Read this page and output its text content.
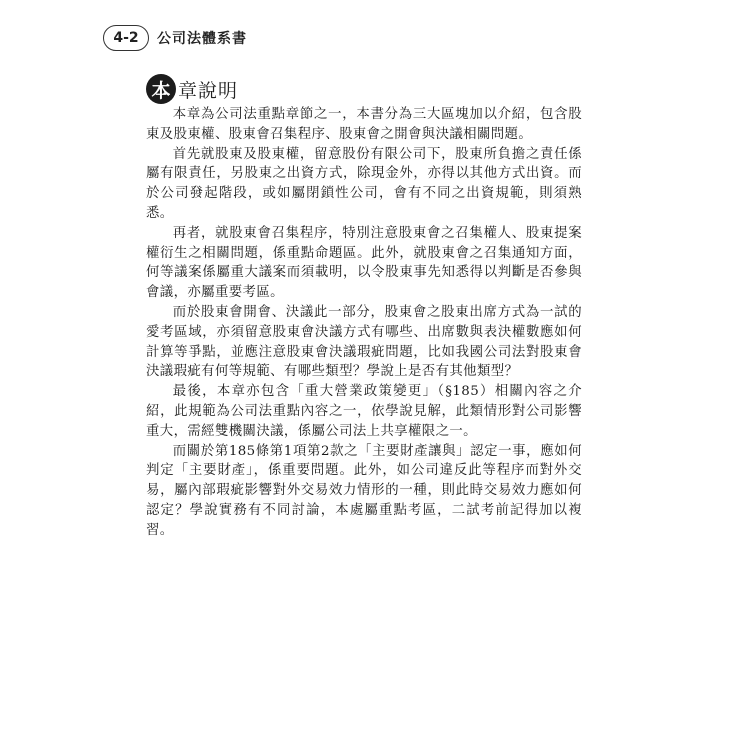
4-2	公司法體系書
本 章說明

本章為公司法重點章節之一，本書分為三大區塊加以介紹，包含股東及股東權、股東會召集程序、股東會之開會與決議相關問題。

首先就股東及股東權，留意股份有限公司下，股東所負擔之責任係屬有限責任，另股東之出資方式，除現金外，亦得以其他方式出資。而於公司發起階段，或如屬閉鎖性公司，會有不同之出資規範，則須熟悉。

再者，就股東會召集程序，特別注意股東會之召集權人、股東提案權衍生之相關問題，係重點命題區。此外，就股東會之召集通知方面，何等議案係屬重大議案而須載明，以令股東事先知悉得以判斷是否參與會議，亦屬重要考區。

而於股東會開會、決議此一部分，股東會之股東出席方式為一試的愛考區域，亦須留意股東會決議方式有哪些、出席數與表決權數應如何計算等爭點，並應注意股東會決議瑕疵問題，比如我國公司法對股東會決議瑕疵有何等規範、有哪些類型？學說上是否有其他類型？

最後，本章亦包含「重大營業政策變更」（§185）相關內容之介紹，此規範為公司法重點內容之一，依學說見解，此類情形對公司影響重大，需經雙機關決議，係屬公司法上共享權限之一。

而關於第185條第1項第2款之「主要財產讓與」認定一事，應如何判定「主要財產」，係重要問題。此外，如公司違反此等程序而對外交易，屬內部瑕疵影響對外交易效力情形的一種，則此時交易效力應如何認定？學說實務有不同討論，本處屬重點考區，二試考前記得加以複習。
